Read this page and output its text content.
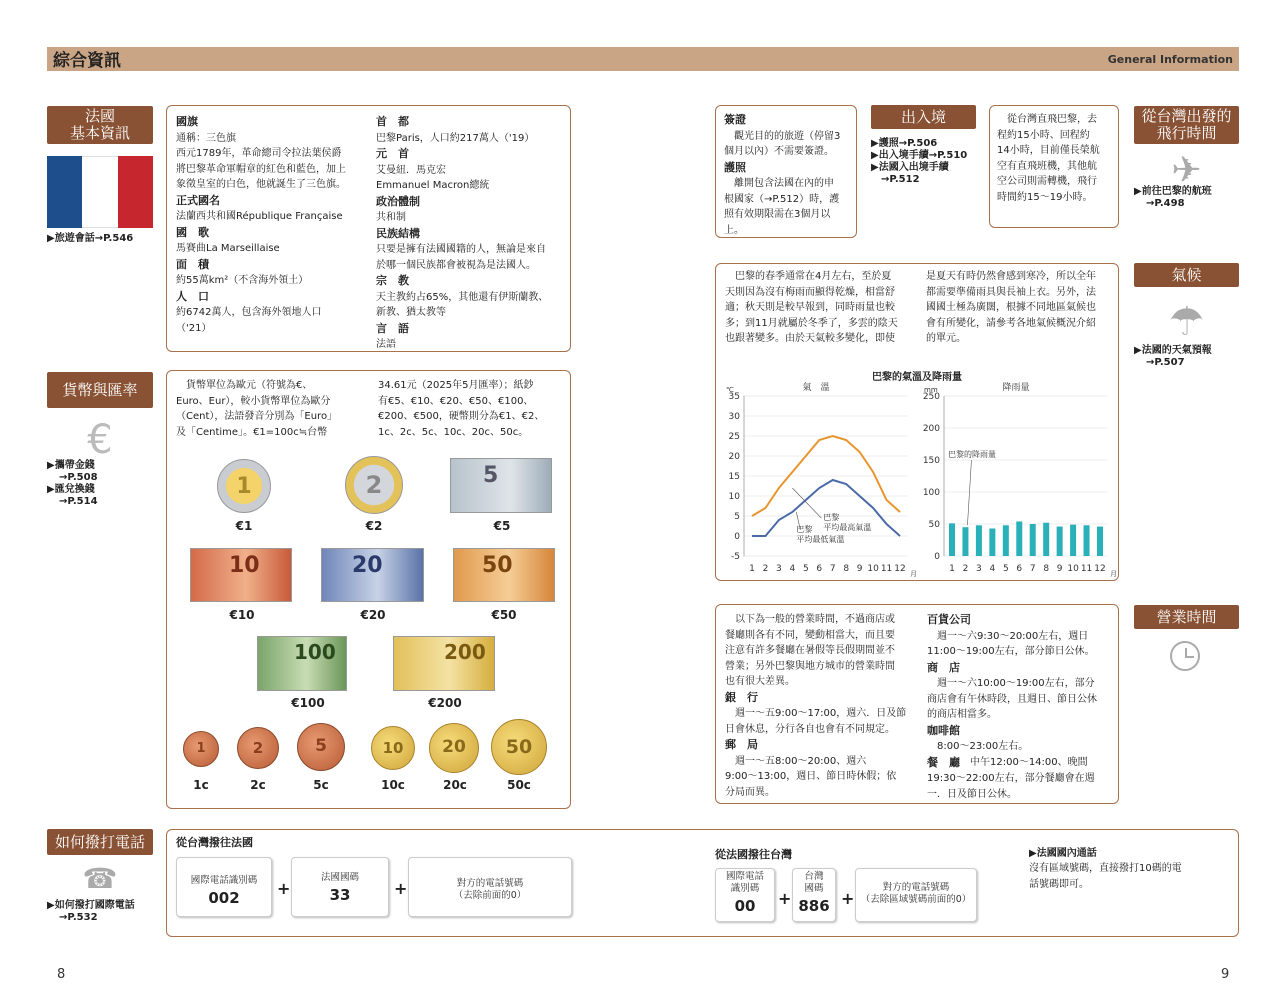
綜合資訊	General Information
法國
基本資訊
▶旅遊會話→P.546
國旗
通稱：三色旗
西元1789年，革命總司令拉法葉侯爵
將巴黎革命軍帽章的紅色和藍色，加上
象徵皇室的白色，他就誕生了三色旗。
正式國名
法蘭西共和國République Française
國　歌
馬賽曲La Marseillaise
面　積
約55萬km²（不含海外領土）
人　口
約6742萬人，包含海外領地人口
（'21）
首　都
巴黎Paris，人口約217萬人（'19）
元　首
艾曼紐．馬克宏
Emmanuel Macron總統
政治體制
共和制
民族結構
只要是擁有法國國籍的人，無論是來自
於哪一個民族都會被視為是法國人。
宗　教
天主教約占65%，其他還有伊斯蘭教、
新教、猶太教等
言　語
法語
貨幣與匯率
€
▶攜帶金錢
→P.508
▶匯兌換錢
→P.514
　貨幣單位為歐元（符號為€、
Euro、Eur），較小貨幣單位為歐分
（Cent），法語發音分別為「Euro」
及「Centime」。€1=100c≒台幣
34.61元（2025年5月匯率）；紙鈔
有€5、€10、€20、€50、€100、
€200、€500，硬幣則分為€1、€2、
1c、2c、5c、10c、20c、50c。
1
€1
2
€2
5
€5
10
€10
20
€20
50
€50
100
€100
200
€200
1
1c
2
2c
5
5c
10
10c
20
20c
50
50c
如何撥打電話
☎
▶如何撥打國際電話
→P.532
從台灣撥往法國
國際電話識別碼
002	+
法國國碼
33	+	對方的電話號碼
（去除前面的0）
從法國撥往台灣
國際電話
識別碼
00	+
台灣
國碼
886 +
對方的電話號碼
（去除區域號碼前面的0）
▶法國國內通話
沒有區域號碼，直接撥打10碼的電
話號碼即可。
簽證
　觀光目的的旅遊（停留3
個月以內）不需要簽證。
護照
　離開包含法國在內的申
根國家（→P.512）時，護
照有效期限需在3個月以
上。
出入境
▶護照→P.506
▶出入境手續→P.510
▶法國入出境手續
　→P.512
　從台灣直飛巴黎，去
程約15小時、回程約
14小時，目前僅長榮航
空有直飛班機，其他航
空公司則需轉機，飛行
時間約15～19小時。
從台灣出發的
飛行時間
✈
▶前往巴黎的航班
→P.498
　巴黎的春季通常在4月左右，至於夏
天則因為沒有梅雨而顯得乾燥，相當舒
適；秋天則是較早報到，同時雨量也較
多；到11月就屬於冬季了，多雲的陰天
也跟著變多。由於天氣較多變化，即使
是夏天有時仍然會感到寒冷，所以全年
都需要準備雨具與長袖上衣。另外，法
國國土極為廣闊，根據不同地區氣候也
會有所變化，請參考各地氣候概況介紹
的單元。
巴黎的氣溫及降雨量
氣　溫	降雨量
℃	mm
-5
0
5
10
15
20
25
30
35
1 2 3 4 5 6 7 8 9 10 11 12 月
巴黎
平均最高氣溫
巴黎
平均最低氣溫
0
50
100
150
200
250
1 2 3 4 5 6 7 8 9 10 11 12 月
巴黎的降雨量
氣候
☂
▶法國的天氣預報
→P.507
　以下為一般的營業時間，不過商店或
餐廳則各有不同，變動相當大，而且要
注意有許多餐廳在暑假等長假期間並不
營業；另外巴黎與地方城市的營業時間
也有很大差異。
銀　行
　週一～五9:00～17:00，週六．日及節
日會休息，分行各自也會有不同規定。
郵　局
　週一～五8:00～20:00、週六
9:00～13:00，週日、節日時休假；依
分局而異。
百貨公司
　週一～六9:30～20:00左右，週日
11:00～19:00左右，部分節日公休。
商　店
　週一～六10:00～19:00左右，部分
商店會有午休時段，且週日、節日公休
的商店相當多。
咖啡館
　8:00～23:00左右。
餐　廳 　中午12:00～14:00、晚間
19:30～22:00左右，部分餐廳會在週
一．日及節日公休。
營業時間
8	9
